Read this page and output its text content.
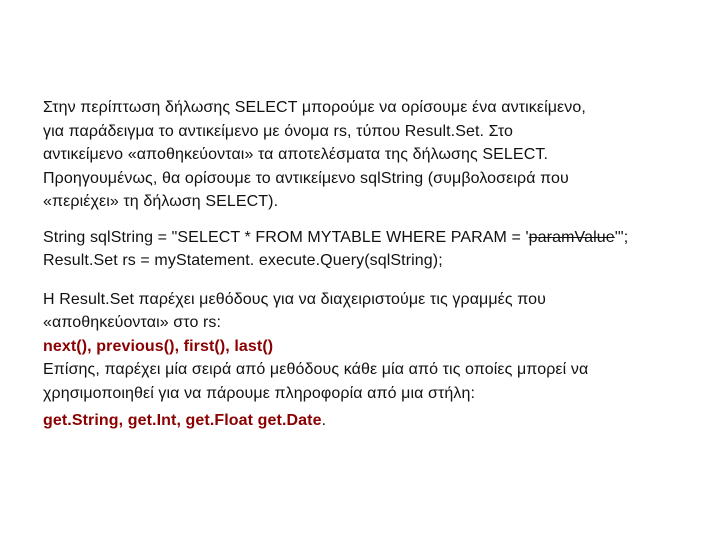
Στην περίπτωση δήλωσης SELECT μπορούμε να ορίσουμε ένα αντικείμενο,
για παράδειγμα το αντικείμενο με όνομα rs, τύπου Result.Set. Στο
αντικείμενο «αποθηκεύονται» τα αποτελέσματα της δήλωσης SELECT.
Προηγουμένως, θα ορίσουμε το αντικείμενο sqlString (συμβολοσειρά που
«περιέχει» τη δήλωση SELECT).

String sqlString = "SELECT * FROM MYTABLE WHERE PARAM = 'paramValue'";
Result.Set rs = myStatement. execute.Query(sqlString);

Η Result.Set παρέχει μεθόδους για να διαχειριστούμε τις γραμμές που
«αποθηκεύονται» στο rs:
next(), previous(), first(), last()
Επίσης, παρέχει μία σειρά από μεθόδους κάθε μία από τις οποίες μπορεί να
χρησιμοποιηθεί για να πάρουμε πληροφορία από μια στήλη:

get.String, get.Int, get.Float get.Date.
